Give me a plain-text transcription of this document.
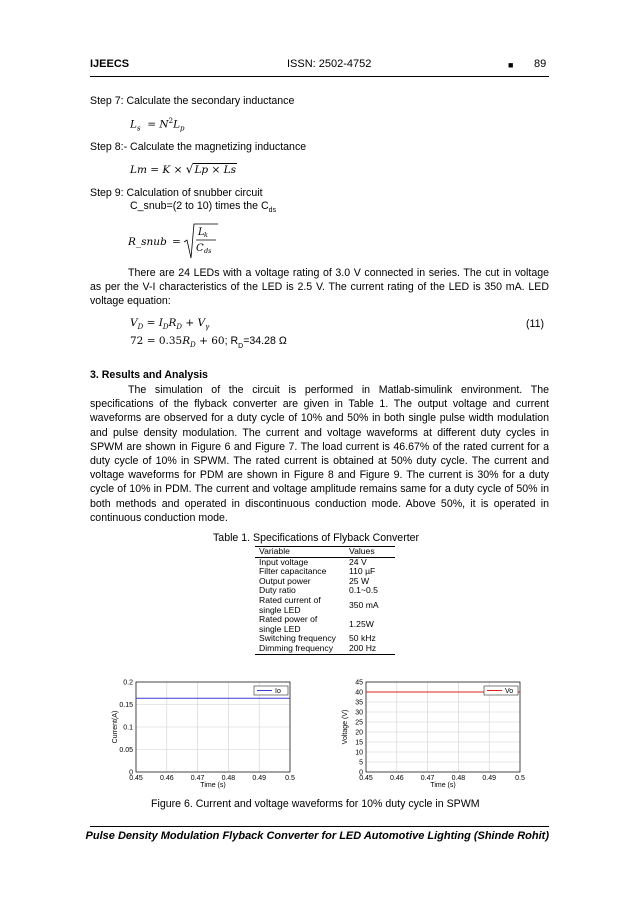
IJEECS	ISSN: 2502-4752	■ 89
Step 7: Calculate the secondary inductance
$L_s = N^2L_p$
Step 8:- Calculate the magnetizing inductance
Lm = K × √Lp × Ls
Step 9: Calculation of snubber circuit
C_snub=(2 to 10) times the $C_{ds}$
R_snub =
L k
C ds

There are 24 LEDs with a voltage rating of 3.0 V connected in series. The cut in voltage as per the V-I characteristics of the LED is 2.5 V. The current rating of the LED is 350 mA. LED voltage equation:

$V_D = I_DR_D + V_\gamma$	(11)
$72 = 0.35R_D + 60$; $R_D=34.28$ Ω
3. Results and Analysis

The simulation of the circuit is performed in Matlab-simulink environment. The specifications of the flyback converter are given in Table 1. The output voltage and current waveforms are observed for a duty cycle of 10% and 50% in both single pulse width modulation and pulse density modulation. The current and voltage waveforms at different duty cycles in SPWM are shown in Figure 6 and Figure 7. The load current is 46.67% of the rated current for a duty cycle of 10% in SPWM. The rated current is obtained at 50% duty cycle. The current and voltage waveforms for PDM are shown in Figure 8 and Figure 9. The current is 30% for a duty cycle of 10% in PDM. The current and voltage amplitude remains same for a duty cycle of 50% in both methods and operated in discontinuous conduction mode. Above 50%, it is operated in continuous conduction mode.

Table 1. Specifications of Flyback Converter
Variable	Values
Input voltage	24 V
Filter capacitance	110 µF
Output power	25 W
Duty ratio	0.1~0.5
Rated current of single LED	350 mA
Rated power of single LED	1.25W
Switching frequency	50 kHz
Dimming frequency	200 Hz
0.45 0.46 0.47 0.48 0.49	0.5
0
0.05
0.1
0.15
0.2
Io
Time (s)
Current(A)
0.45 0.46 0.47 0.48 0.49	0.5
0
5
10
15
20
25
30
35
40
45
Vo
Time (s)
Voltage (V)
Figure 6. Current and voltage waveforms for 10% duty cycle in SPWM
Pulse Density Modulation Flyback Converter for LED Automotive Lighting (Shinde Rohit)
